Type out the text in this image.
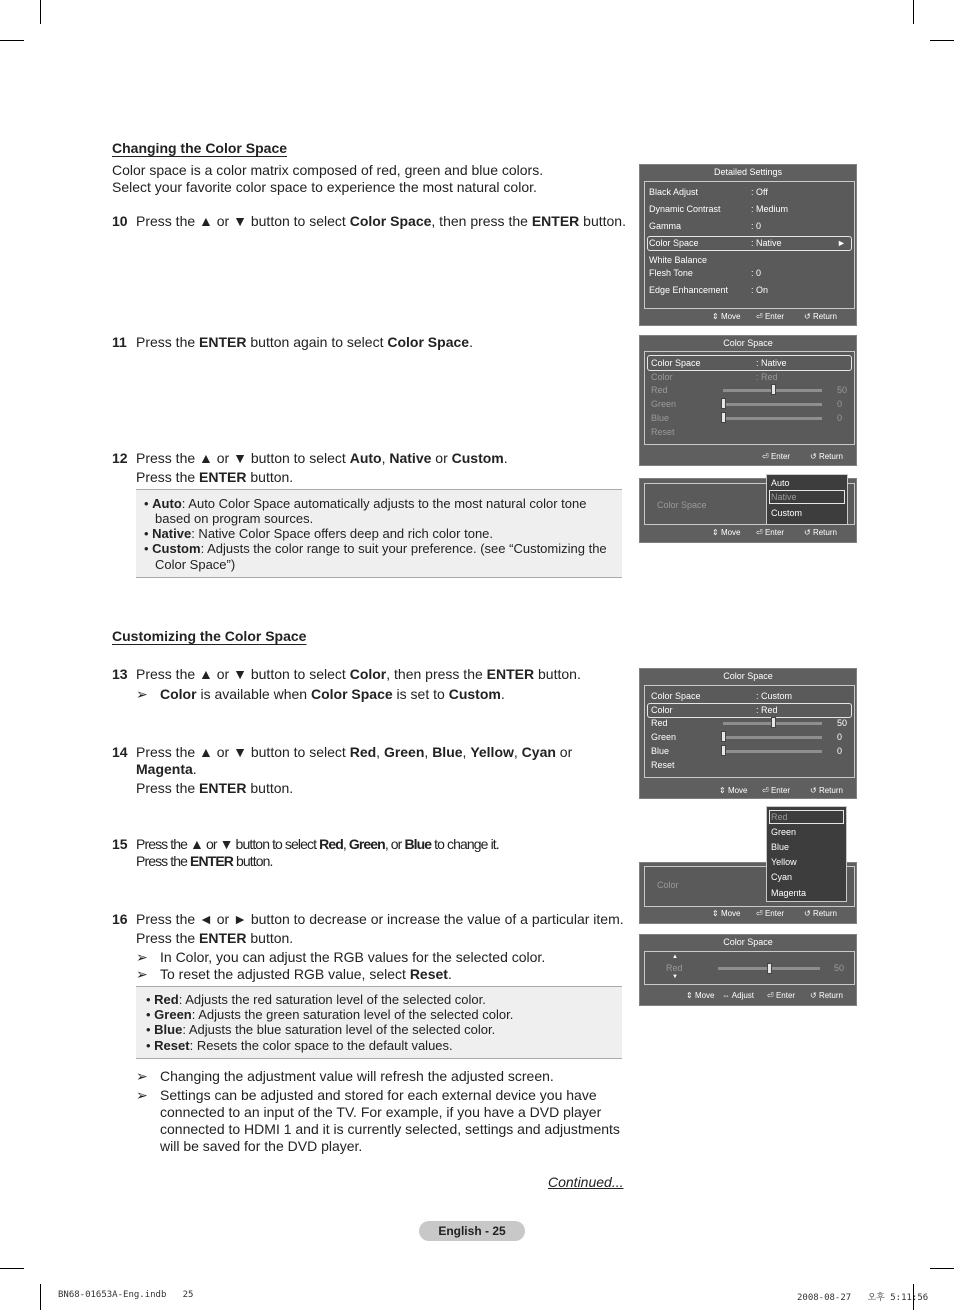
Changing the Color Space
Color space is a color matrix composed of red, green and blue colors.
Select your favorite color space to experience the most natural color.
10 Press the ▲ or ▼ button to select Color Space, then press the ENTER button.
11 Press the ENTER button again to select Color Space.
12 Press the ▲ or ▼ button to select Auto, Native or Custom.
Press the ENTER button.
• Auto: Auto Color Space automatically adjusts to the most natural color tone
based on program sources.
• Native: Native Color Space offers deep and rich color tone.
• Custom: Adjusts the color range to suit your preference. (see “Customizing the
Color Space”)
Customizing the Color Space
13 Press the ▲ or ▼ button to select Color, then press the ENTER button.
➢ Color is available when Color Space is set to Custom.
14 Press the ▲ or ▼ button to select Red, Green, Blue, Yellow, Cyan or
Magenta.
Press the ENTER button.
15 Press the ▲ or ▼ button to select Red, Green, or Blue to change it.
Press the ENTER button.
16 Press the ◄ or ► button to decrease or increase the value of a particular item.
Press the ENTER button.
➢ In Color, you can adjust the RGB values for the selected color.
➢ To reset the adjusted RGB value, select Reset.
• Red: Adjusts the red saturation level of the selected color.
• Green: Adjusts the green saturation level of the selected color.
• Blue: Adjusts the blue saturation level of the selected color.
• Reset: Resets the color space to the default values.
➢ Changing the adjustment value will refresh the adjusted screen.
➢ Settings can be adjusted and stored for each external device you have
connected to an input of the TV. For example, if you have a DVD player
connected to HDMI 1 and it is currently selected, settings and adjustments
will be saved for the DVD player.
Continued...
Detailed Settings
Black Adjust	: Off
Dynamic Contrast	: Medium
Gamma	: 0
Color Space	: Native	►
White Balance
Flesh Tone	: 0
Edge Enhancement	: On
⇕ Move ⏎ Enter ↺ Return
Color Space
Color Space	: Native
Color	: Red
Red	50
Green	0
Blue	0
Reset
⏎ Enter ↺ Return
Color Space
Auto
Native
Custom
⇕ Move ⏎ Enter ↺ Return
Color Space
Color Space	: Custom
Color	: Red
Red	50
Green	0
Blue	0
Reset
⇕ Move ⏎ Enter ↺ Return
Color
⇕ Move ⏎ Enter ↺ Return
Red
Green
Blue
Yellow
Cyan
Magenta
Color Space
▲
Red
▼
50
⇕ Move ⇔ Adjust ⏎ Enter ↺ Return
English - 25
BN68-01653A-Eng.indb   25	2008-08-27   오후 5:11:56
